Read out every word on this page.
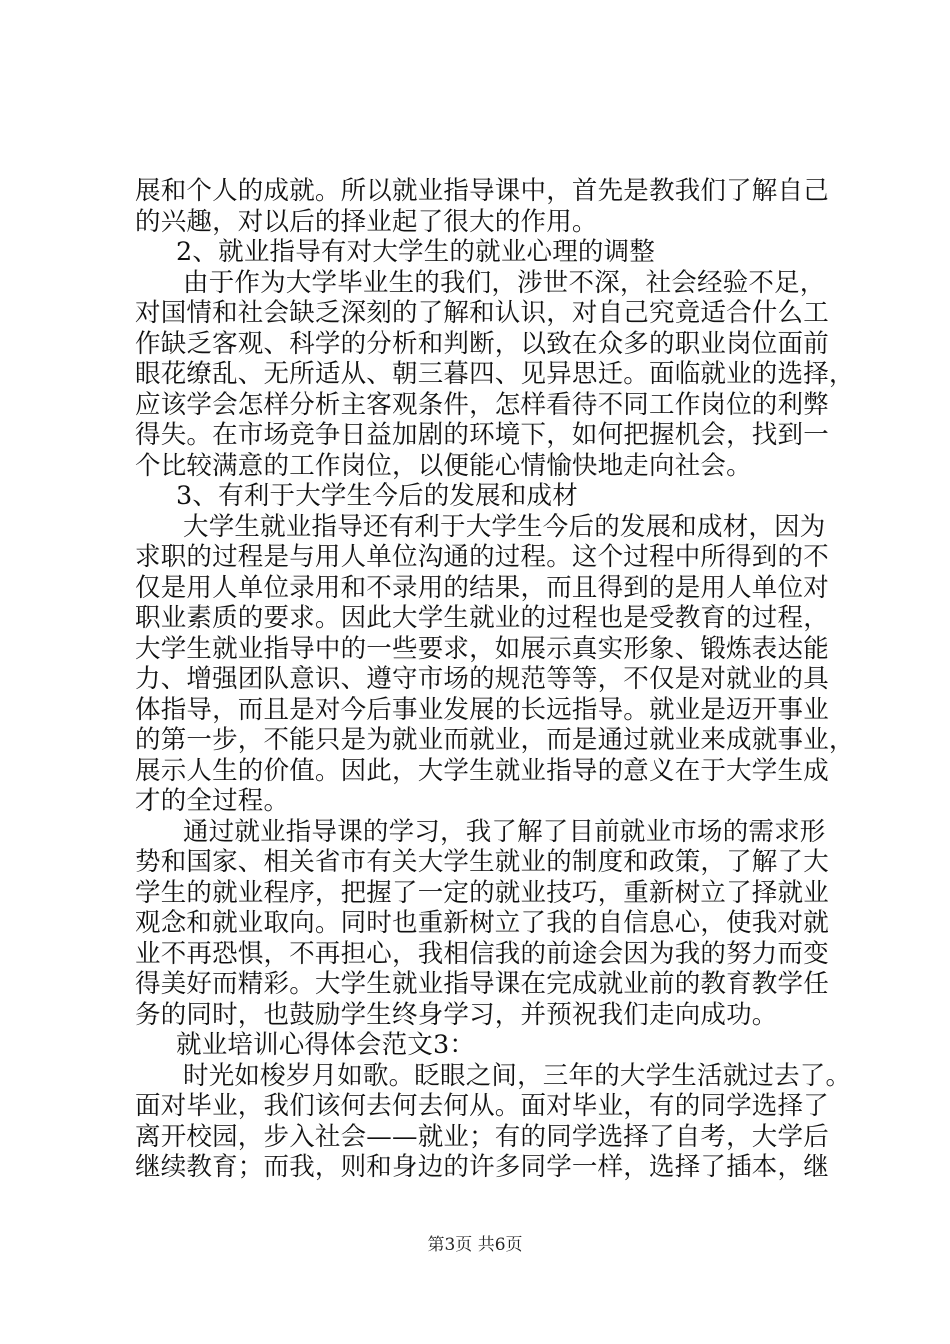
展和个人的成就。所以就业指导课中，首先是教我们了解自己
的兴趣，对以后的择业起了很大的作用。
2、就业指导有对大学生的就业心理的调整
由于作为大学毕业生的我们，涉世不深，社会经验不足，
对国情和社会缺乏深刻的了解和认识，对自己究竟适合什么工
作缺乏客观、科学的分析和判断，以致在众多的职业岗位面前
眼花缭乱、无所适从、朝三暮四、见异思迁。面临就业的选择，
应该学会怎样分析主客观条件，怎样看待不同工作岗位的利弊
得失。在市场竞争日益加剧的环境下，如何把握机会，找到一
个比较满意的工作岗位，以便能心情愉快地走向社会。
3、有利于大学生今后的发展和成材
大学生就业指导还有利于大学生今后的发展和成材，因为
求职的过程是与用人单位沟通的过程。这个过程中所得到的不
仅是用人单位录用和不录用的结果，而且得到的是用人单位对
职业素质的要求。因此大学生就业的过程也是受教育的过程，
大学生就业指导中的一些要求，如展示真实形象、锻炼表达能
力、增强团队意识、遵守市场的规范等等，不仅是对就业的具
体指导，而且是对今后事业发展的长远指导。就业是迈开事业
的第一步，不能只是为就业而就业，而是通过就业来成就事业，
展示人生的价值。因此，大学生就业指导的意义在于大学生成
才的全过程。
通过就业指导课的学习，我了解了目前就业市场的需求形
势和国家、相关省市有关大学生就业的制度和政策，了解了大
学生的就业程序，把握了一定的就业技巧，重新树立了择就业
观念和就业取向。同时也重新树立了我的自信息心，使我对就
业不再恐惧，不再担心，我相信我的前途会因为我的努力而变
得美好而精彩。大学生就业指导课在完成就业前的教育教学任
务的同时，也鼓励学生终身学习，并预祝我们走向成功。
就业培训心得体会范文3：
时光如梭岁月如歌。眨眼之间，三年的大学生活就过去了。
面对毕业，我们该何去何去何从。面对毕业，有的同学选择了
离开校园，步入社会——就业；有的同学选择了自考，大学后
继续教育；而我，则和身边的许多同学一样，选择了插本，继
第3页 共6页
